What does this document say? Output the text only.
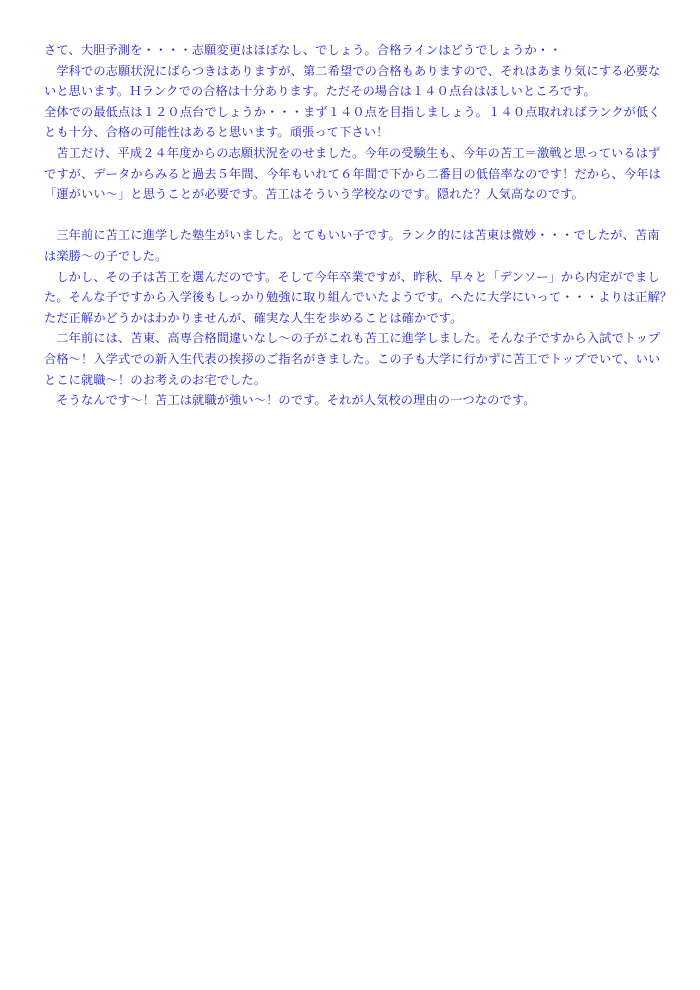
さて、大胆予測を・・・・志願変更はほぼなし、でしょう。合格ラインはどうでしょうか・・
　学科での志願状況にばらつきはありますが、第二希望での合格もありますので、それはあまり気にする必要な
いと思います。Ｈランクでの合格は十分あります。ただその場合は１４０点台はほしいところです。
全体での最低点は１２０点台でしょうか・・・まず１４０点を目指しましょう。１４０点取れればランクが低く
とも十分、合格の可能性はあると思います。頑張って下さい！
　苫工だけ、平成２４年度からの志願状況をのせました。今年の受験生も、今年の苫工＝激戦と思っているはず
ですが、データからみると過去５年間、今年もいれて６年間で下から二番目の低倍率なのです！だから、今年は
「運がいい〜」と思うことが必要です。苫工はそういう学校なのです。隠れた？人気高なのです。
　三年前に苫工に進学した塾生がいました。とてもいい子です。ランク的には苫東は微妙・・・でしたが、苫南
は楽勝〜の子でした。
　しかし、その子は苫工を選んだのです。そして今年卒業ですが、昨秋、早々と「デンソー」から内定がでまし
た。そんな子ですから入学後もしっかり勉強に取り組んでいたようです。へたに大学にいって・・・よりは正解？
ただ正解かどうかはわかりませんが、確実な人生を歩めることは確かです。
　二年前には、苫東、高専合格間違いなし〜の子がこれも苫工に進学しました。そんな子ですから入試でトップ
合格〜！入学式での新入生代表の挨拶のご指名がきました。この子も大学に行かずに苫工でトップでいて、いい
とこに就職〜！のお考えのお宅でした。
　そうなんです〜！苫工は就職が強い〜！のです。それが人気校の理由の一つなのです。
